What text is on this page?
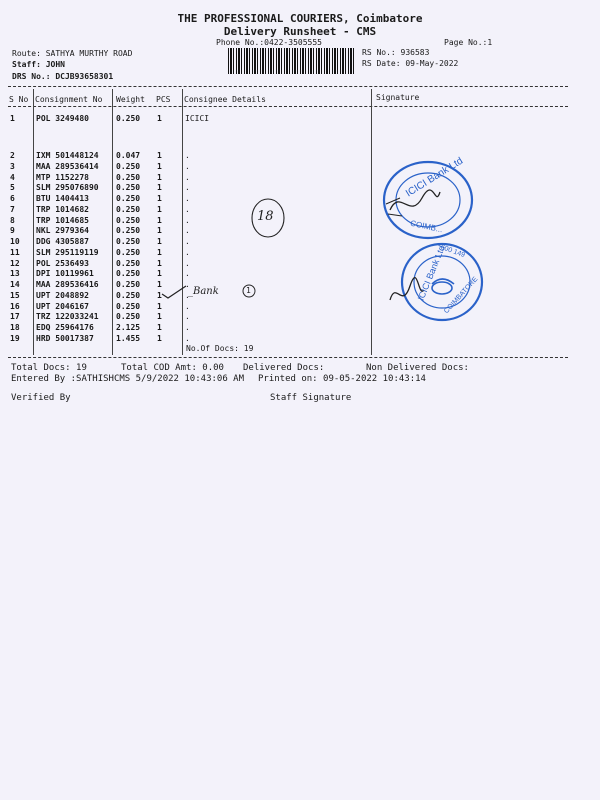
THE PROFESSIONAL COURIERS, Coimbatore
Delivery Runsheet - CMS
Phone No.:0422-3505555	Page No.:1
Route: SATHYA MURTHY ROAD
Staff: JOHN
DRS No.: DCJB93658301
RS No.: 936583
RS Date: 09-May-2022
S No Consignment No Weight PCS Consignee Details	Signature
1	POL 3249480	0.250 1	ICICI
2	IXM 501448124 0.047 1	.
3	MAA 289536414 0.250 1	.
4	MTP 1152278	0.250 1	.
5	SLM 295076890 0.250 1	.
6	BTU 1404413	0.250 1	.
7	TRP 1014682	0.250 1	.
8	TRP 1014685	0.250 1	.
9	NKL 2979364	0.250 1	.
10 DDG 4305887	0.250 1	.
11 SLM 295119119 0.250 1	.
12 POL 2536493	0.250 1	.
13 DPI 10119961	0.250 1	.
14 MAA 289536416 0.250 1	.
15 UPT 2048892	0.250 1	.
16 UPT 2046167	0.250 1	.
17 TRZ 122033241 0.250 1	.
18 EDQ 25964176	2.125 1	.
19 HRD 50017387	1.455 1	.
No.Of Docs: 19
18
_Bank	1
ICICI Bank Ltd
COIMB...
ICICI Bank Ltd
600 149
COIMBATORE
Total Docs: 19	Total COD Amt: 0.00 Delivered Docs:	Non Delivered Docs:
Entered By :SATHISHCMS 5/9/2022 10:43:06 AM Printed on: 09-05-2022 10:43:14
Verified By	Staff Signature
